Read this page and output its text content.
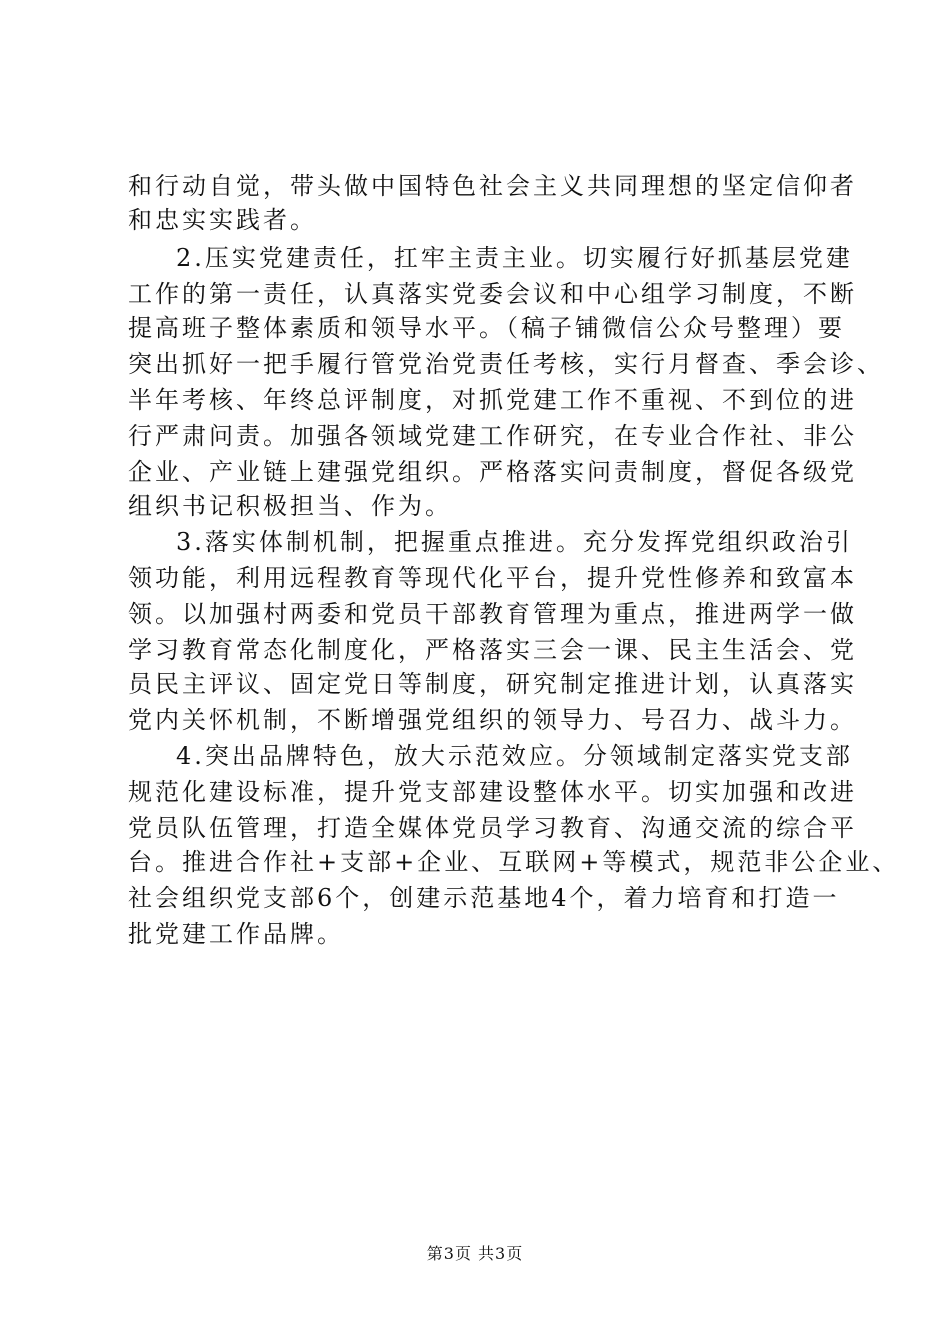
和行动自觉，带头做中国特色社会主义共同理想的坚定信仰者
和忠实实践者。
2.压实党建责任，扛牢主责主业。切实履行好抓基层党建
工作的第一责任，认真落实党委会议和中心组学习制度，不断
提高班子整体素质和领导水平。（稿子铺微信公众号整理）要
突出抓好一把手履行管党治党责任考核，实行月督查、季会诊、
半年考核、年终总评制度，对抓党建工作不重视、不到位的进
行严肃问责。加强各领域党建工作研究，在专业合作社、非公
企业、产业链上建强党组织。严格落实问责制度，督促各级党
组织书记积极担当、作为。
3.落实体制机制，把握重点推进。充分发挥党组织政治引
领功能，利用远程教育等现代化平台，提升党性修养和致富本
领。以加强村两委和党员干部教育管理为重点，推进两学一做
学习教育常态化制度化，严格落实三会一课、民主生活会、党
员民主评议、固定党日等制度，研究制定推进计划，认真落实
党内关怀机制，不断增强党组织的领导力、号召力、战斗力。
4.突出品牌特色，放大示范效应。分领域制定落实党支部
规范化建设标准，提升党支部建设整体水平。切实加强和改进
党员队伍管理，打造全媒体党员学习教育、沟通交流的综合平
台。推进合作社+支部+企业、互联网+等模式，规范非公企业、
社会组织党支部6个，创建示范基地4个，着力培育和打造一
批党建工作品牌。
第3页 共3页
